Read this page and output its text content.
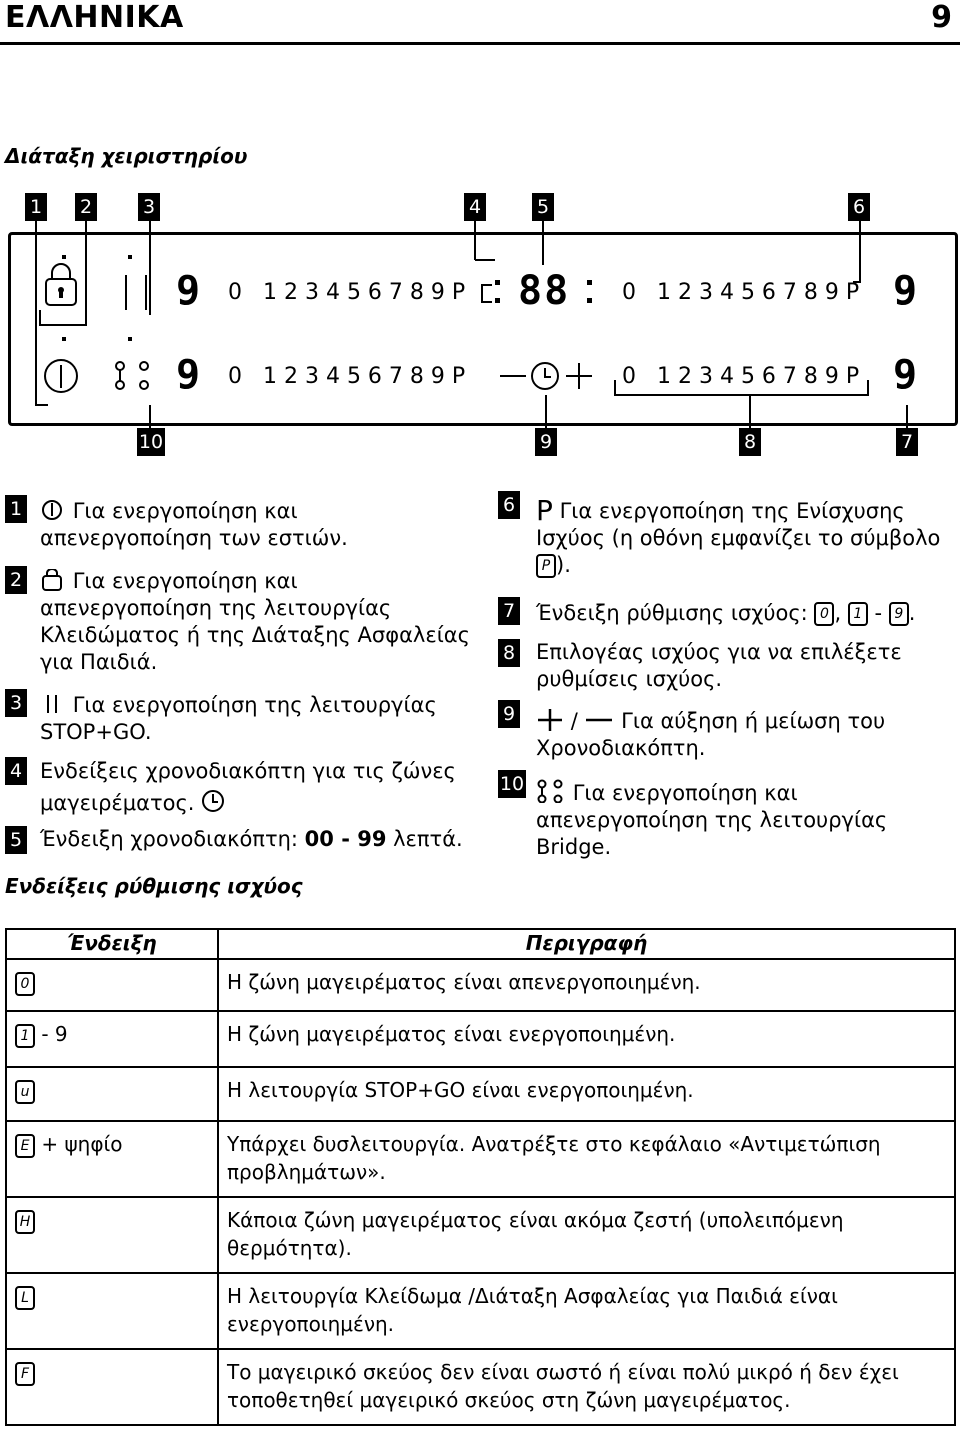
ΕΛΛΗΝΙΚΑ	9
Διάταξη χειριστηρίου
1 2	3	4	5	6
9 0   1 2 3 4 5 6 7 8 9 P 88 0   1 2 3 4 5 6 7 8 9 P 9
9 0   1 2 3 4 5 6 7 8 9 P	0   1 2 3 4 5 6 7 8 9 P 9
10	9	8	7
1	Για ενεργοποίηση και απενεργοποίηση των εστιών.
2	Για ενεργοποίηση και απενεργοποίηση της λειτουργίας Κλειδώματος ή της Διάταξης Ασφαλείας για Παιδιά.
3	Για ενεργοποίηση της λειτουργίας STOP+GO.
4 Ενδείξεις χρονοδιακόπτη για τις ζώνες μαγειρέματος.
5 Ένδειξη χρονοδιακόπτη: 00 - 99 λεπτά.
6 P Για ενεργοποίηση της Ενίσχυσης Ισχύος (η οθόνη εμφανίζει το σύμβολο P ).
7 Ένδειξη ρύθμισης ισχύος: 0 , 1 - 9 .
8 Επιλογέας ισχύος για να επιλέξετε ρυθμίσεις ισχύος.
9	/ Για αύξηση ή μείωση του Χρονοδιακόπτη.
10	Για ενεργοποίηση και απενεργοποίηση της λειτουργίας Bridge.
Ενδείξεις ρύθμισης ισχύος
Ένδειξη	Περιγραφή
0	Η ζώνη μαγειρέματος είναι απενεργοποιημένη.
1 - 9	Η ζώνη μαγειρέματος είναι ενεργοποιημένη.
u	Η λειτουργία STOP+GO είναι ενεργοποιημένη.
E + ψηφίο	Υπάρχει δυσλειτουργία. Ανατρέξτε στο κεφάλαιο «Αντιμετώπιση προβλημάτων».
H	Κάποια ζώνη μαγειρέματος είναι ακόμα ζεστή (υπολειπόμενη θερμότητα).
L	Η λειτουργία Κλείδωμα /Διάταξη Ασφαλείας για Παιδιά είναι ενεργοποιημένη.
F	Το μαγειρικό σκεύος δεν είναι σωστό ή είναι πολύ μικρό ή δεν έχει τοποθετηθεί μαγειρικό σκεύος στη ζώνη μαγειρέματος.
